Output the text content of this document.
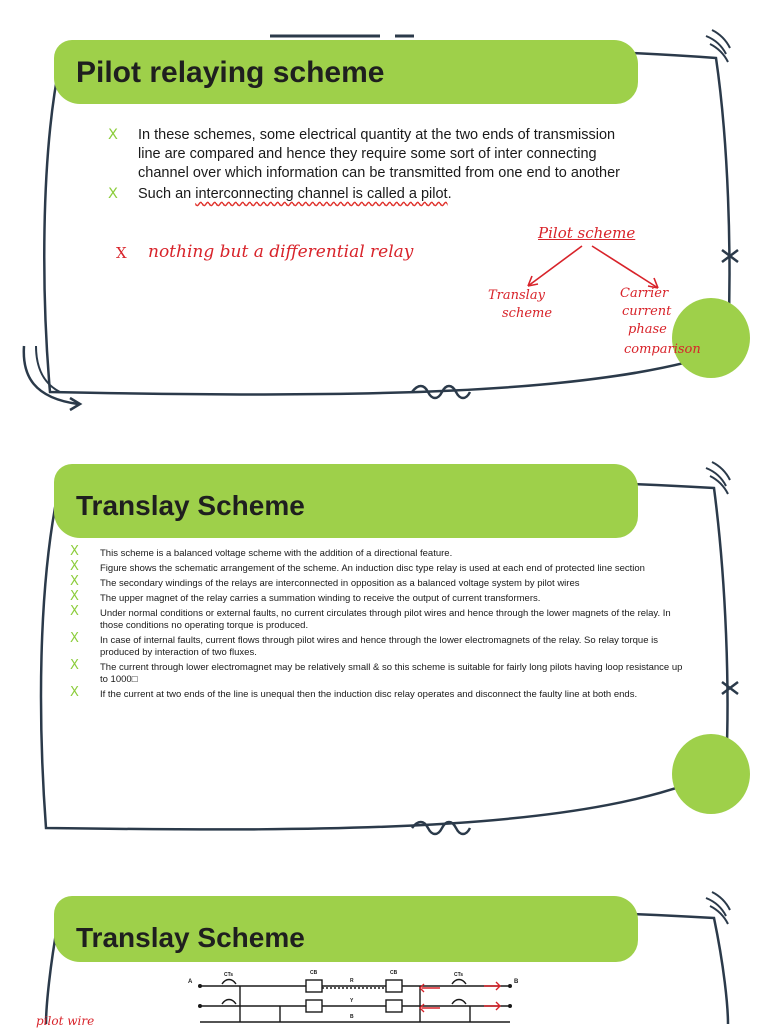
Pilot relaying scheme
X In these schemes, some electrical quantity at the two ends of transmission line are compared and hence they require some sort of inter connecting channel over which information can be transmitted from one end to another
X Such an interconnecting channel is called a pilot.
X nothing but a differential relay
Pilot scheme
Translay
scheme
Carrier
current
phase
comparison
Translay Scheme
X This scheme is a balanced voltage scheme with the addition of a directional feature.
X Figure shows the schematic arrangement of the scheme. An induction disc type relay is used at each end of protected line section
X The secondary windings of the relays are interconnected in opposition as a balanced voltage system by pilot wires
X The upper magnet of the relay carries a summation winding to receive the output of current transformers.
X Under normal conditions or external faults, no current circulates through pilot wires and hence through the lower magnets of the relay. In those conditions no operating torque is produced.
X In case of internal faults, current flows through pilot wires and hence through the lower electromagnets of the relay. So relay torque is produced by interaction of two fluxes.
X The current through lower electromagnet may be relatively small & so this scheme is suitable for fairly long pilots having loop resistance up to 1000□
X If the current at two ends of the line is unequal then the induction disc relay operates and disconnect the faulty line at both ends.
Translay Scheme
pilot wire
A	B
CTs	CB
R
CB	CTs
Y
B
